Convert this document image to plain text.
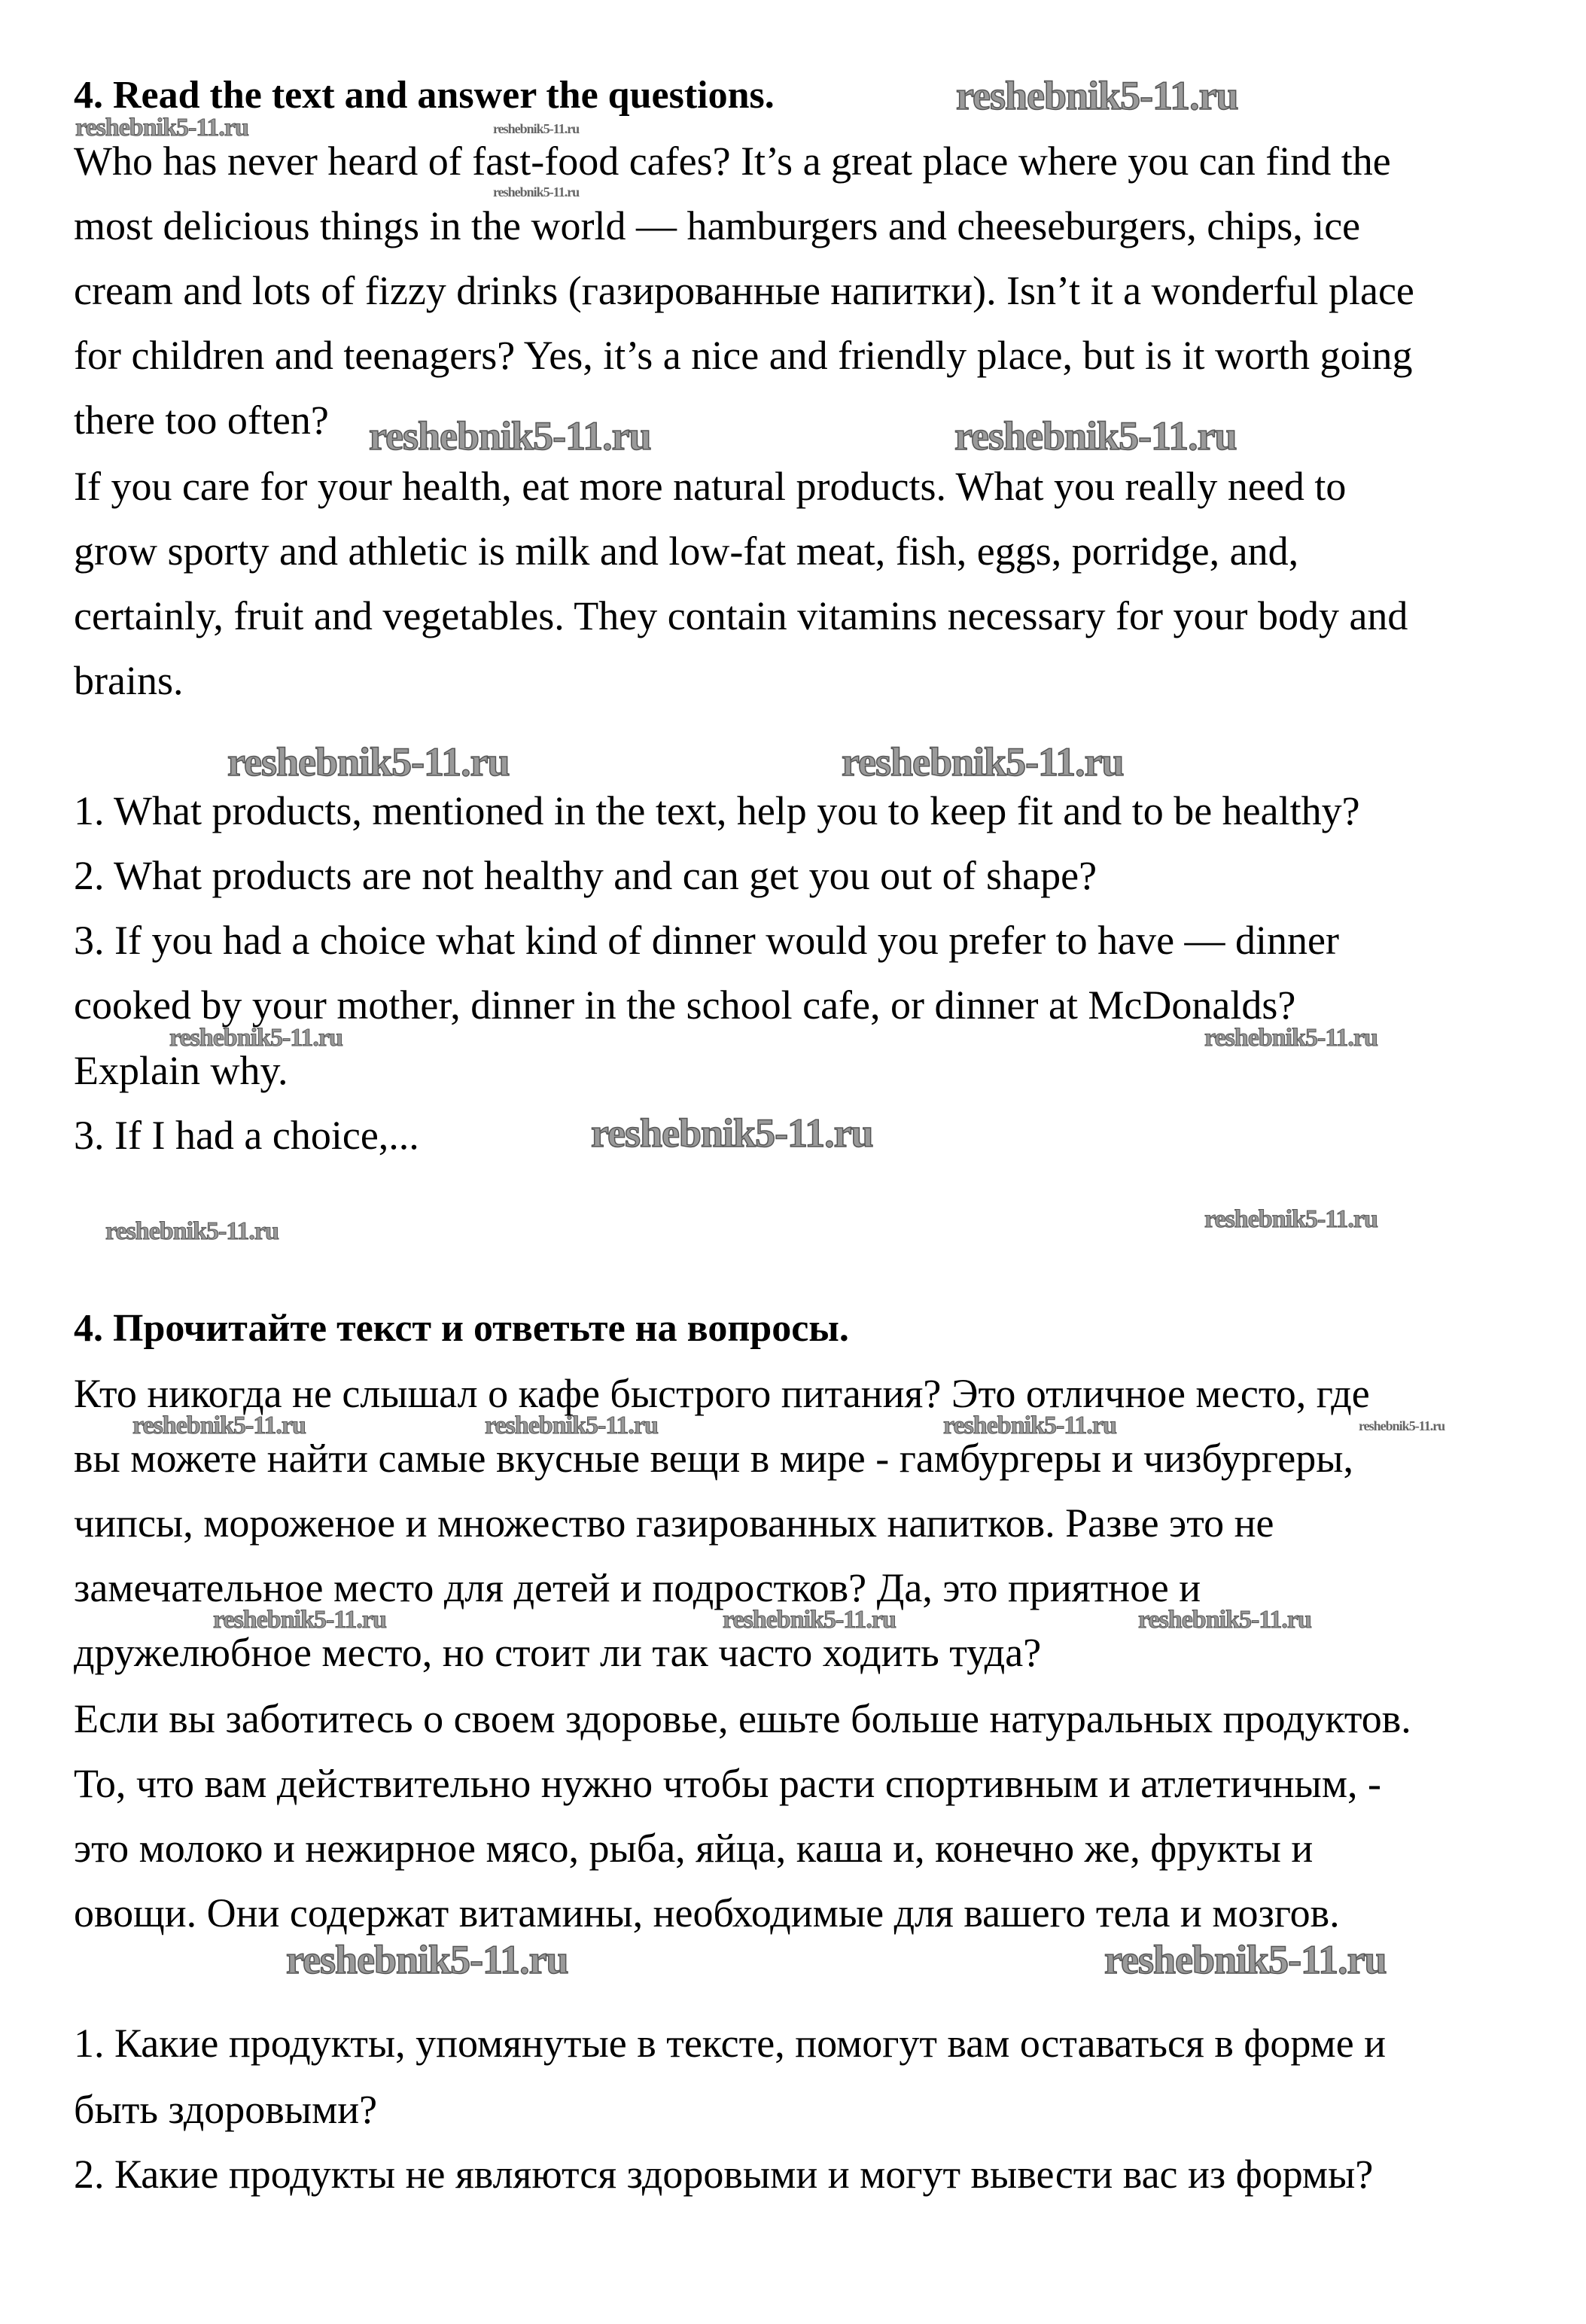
4. Read the text and answer the questions.
Who has never heard of fast-food cafes? It’s a great place where you can find the
most delicious things in the world — hamburgers and cheeseburgers, chips, ice
cream and lots of fizzy drinks (газированные напитки). Isn’t it a wonderful place
for children and teenagers? Yes, it’s a nice and friendly place, but is it worth going
there too often?
If you care for your health, eat more natural products. What you really need to
grow sporty and athletic is milk and low-fat meat, fish, eggs, porridge, and,
certainly, fruit and vegetables. They contain vitamins necessary for your body and
brains.
1. What products, mentioned in the text, help you to keep fit and to be healthy?
2. What products are not healthy and can get you out of shape?
3. If you had a choice what kind of dinner would you prefer to have — dinner
cooked by your mother, dinner in the school cafe, or dinner at McDonalds?
Explain why.
3. If I had a choice,...
4. Прочитайте текст и ответьте на вопросы.
Кто никогда не слышал о кафе быстрого питания? Это отличное место, где
вы можете найти самые вкусные вещи в мире - гамбургеры и чизбургеры,
чипсы, мороженое и множество газированных напитков. Разве это не
замечательное место для детей и подростков? Да, это приятное и
дружелюбное место, но стоит ли так часто ходить туда?
Если вы заботитесь о своем здоровье, ешьте больше натуральных продуктов.
То, что вам действительно нужно чтобы расти спортивным и атлетичным, -
это молоко и нежирное мясо, рыба, яйца, каша и, конечно же, фрукты и
овощи. Они содержат витамины, необходимые для вашего тела и мозгов.
1. Какие продукты, упомянутые в тексте, помогут вам оставаться в форме и
быть здоровыми?
2. Какие продукты не являются здоровыми и могут вывести вас из формы?
reshebnik5-11.ru	reshebnik5-11.ru
reshebnik5-11.ru
reshebnik5-11.ru
reshebnik5-11.ru	reshebnik5-11.ru
reshebnik5-11.ru	reshebnik5-11.ru
reshebnik5-11.ru	reshebnik5-11.ru
reshebnik5-11.ru
reshebnik5-11.ru	reshebnik5-11.ru
reshebnik5-11.ru	reshebnik5-11.ru	reshebnik5-11.ru	reshebnik5-11.ru
reshebnik5-11.ru	reshebnik5-11.ru	reshebnik5-11.ru
reshebnik5-11.ru	reshebnik5-11.ru
